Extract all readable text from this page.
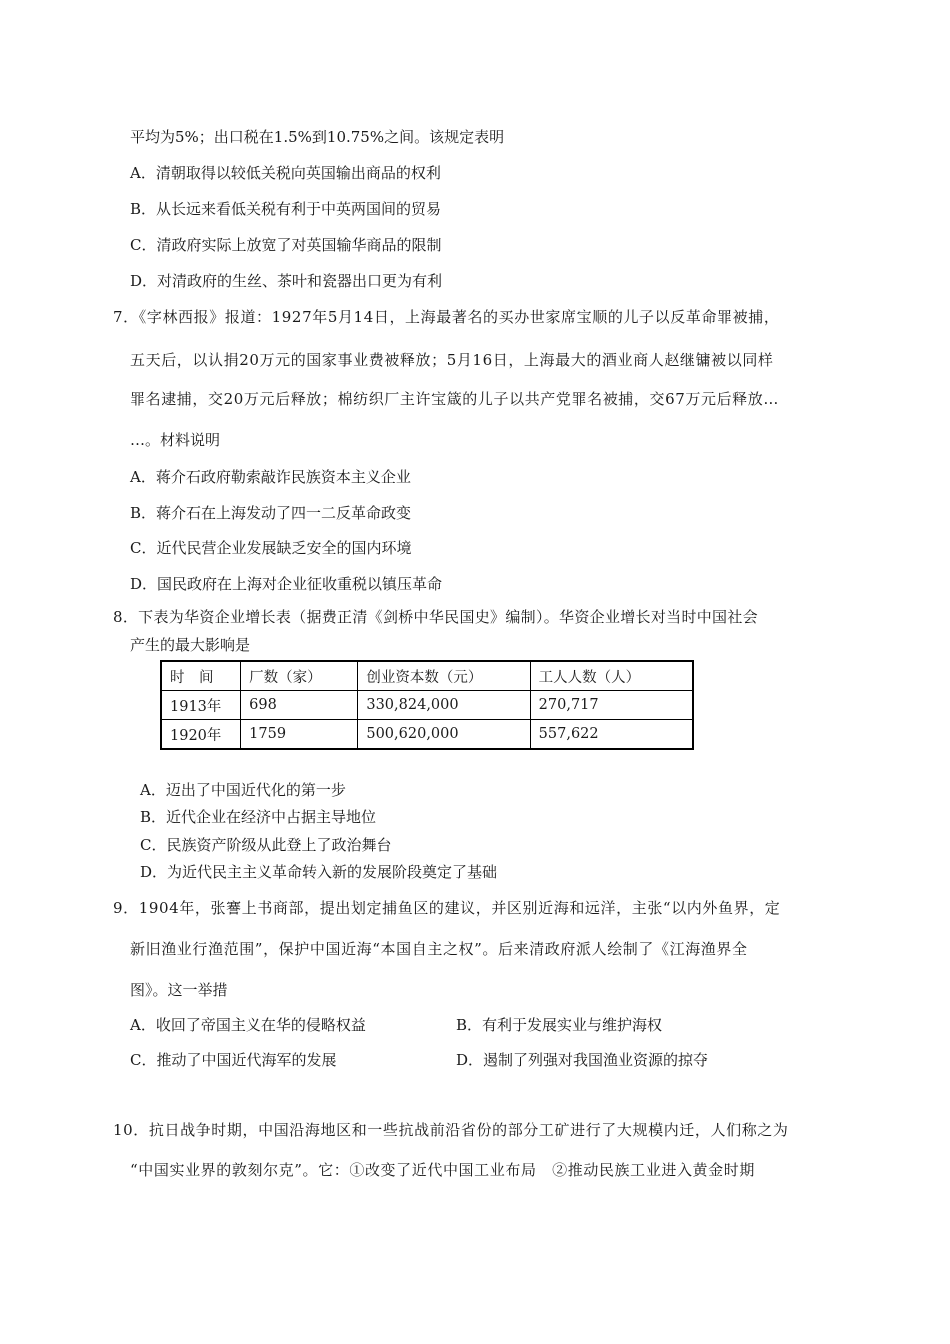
平均为5%；出口税在1.5%到10.75%之间。该规定表明
A．清朝取得以较低关税向英国输出商品的权利
B．从长远来看低关税有利于中英两国间的贸易
C．清政府实际上放宽了对英国输华商品的限制
D．对清政府的生丝、茶叶和瓷器出口更为有利
7．《字林西报》报道：1927年5月14日，上海最著名的买办世家席宝顺的儿子以反革命罪被捕，
五天后，以认捐20万元的国家事业费被释放；5月16日，上海最大的酒业商人赵继镛被以同样
罪名逮捕，交20万元后释放；棉纺织厂主许宝箴的儿子以共产党罪名被捕，交67万元后释放…
…。材料说明
A．蒋介石政府勒索敲诈民族资本主义企业
B．蒋介石在上海发动了四一二反革命政变
C．近代民营企业发展缺乏安全的国内环境
D．国民政府在上海对企业征收重税以镇压革命
8．下表为华资企业增长表（据费正清《剑桥中华民国史》编制）。华资企业增长对当时中国社会
产生的最大影响是
时　间	厂数（家）	创业资本数（元）	工人人数（人）
1913年	698	330,824,000	270,717
1920年	1759	500,620,000	557,622
A．迈出了中国近代化的第一步
B．近代企业在经济中占据主导地位
C．民族资产阶级从此登上了政治舞台
D．为近代民主主义革命转入新的发展阶段奠定了基础
9．1904年，张謇上书商部，提出划定捕鱼区的建议，并区别近海和远洋，主张“以内外鱼界，定
新旧渔业行渔范围”，保护中国近海“本国自主之权”。后来清政府派人绘制了《江海渔界全
图》。这一举措
A．收回了帝国主义在华的侵略权益	B．有利于发展实业与维护海权
C．推动了中国近代海军的发展	D．遏制了列强对我国渔业资源的掠夺
10．抗日战争时期，中国沿海地区和一些抗战前沿省份的部分工矿进行了大规模内迁，人们称之为
“中国实业界的敦刻尔克”。它：①改变了近代中国工业布局　②推动民族工业进入黄金时期
